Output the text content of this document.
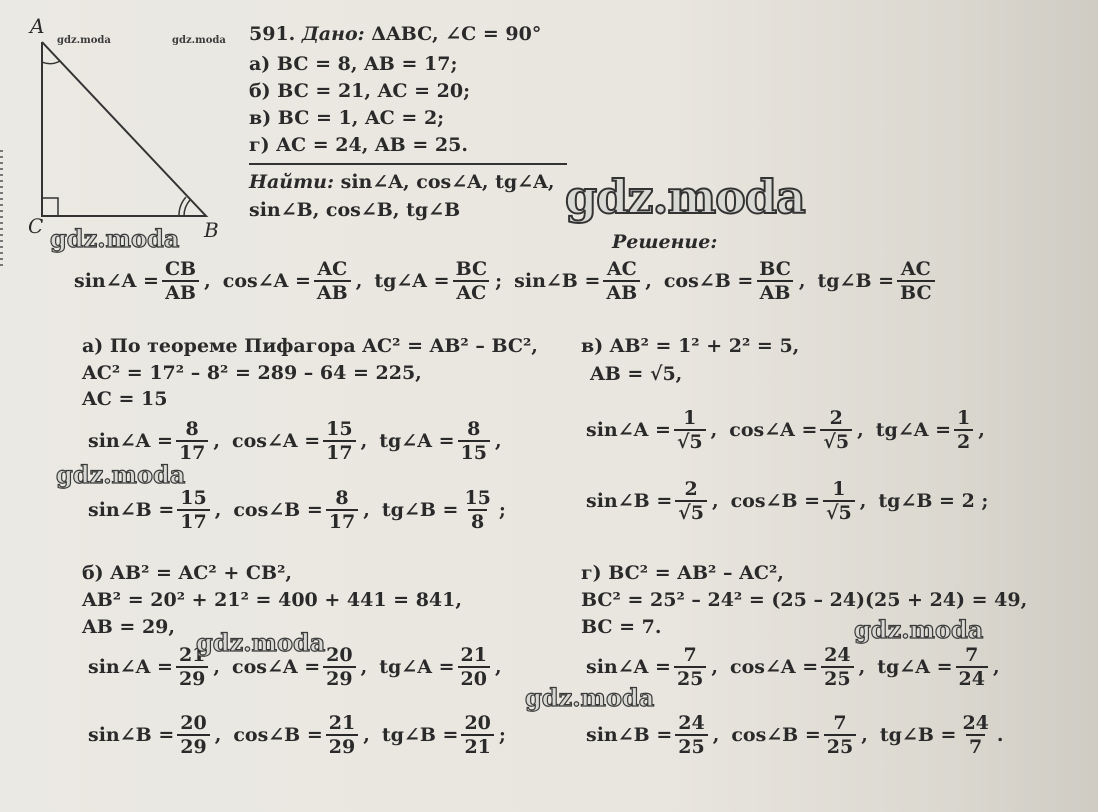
A
C	B
gdz.moda	gdz.moda 591. Дано: ΔABC, ∠C = 90°
а) BC = 8, AB = 17;
б) BC = 21, AC = 20;
в) BC = 1, AC = 2;
г) AC = 24, AB = 25.
Найти: sin∠A, cos∠A, tg∠A,
sin∠B, cos∠B, tg∠B
Решение:
gdz.moda
gdz.moda
sin∠A = $\frac{CB}{AB}$ , cos∠A = $\frac{AC}{AB}$ , tg∠A = $\frac{BC}{AC}$ ; sin∠B = $\frac{AC}{AB}$ , cos∠B = $\frac{BC}{AB}$ , tg∠B = $\frac{AC}{BC}$
а) По теореме Пифагора AC² = AB² – BC²,
AC² = 17² – 8² = 289 – 64 = 225,
AC = 15
sin∠A = $\frac{8}{17}$ , cos∠A = $\frac{15}{17}$ , tg∠A = $\frac{8}{15}$ ,
gdz.moda
sin∠B = $\frac{15}{17}$ , cos∠B = $\frac{8}{17}$ , tg∠B = $\frac{15}{8}$ ;
б) AB² = AC² + CB²,
AB² = 20² + 21² = 400 + 441 = 841,
AB = 29,
sin∠A = $\frac{21}{29}$ , cos∠A = $\frac{20}{29}$ , tg∠A = $\frac{21}{20}$ ,
gdz.moda
sin∠B = $\frac{20}{29}$ , cos∠B = $\frac{21}{29}$ , tg∠B = $\frac{20}{21}$ ;
в) AB² = 1² + 2² = 5,
AB = √5,
sin∠A = $\frac{1}{√5}$ , cos∠A = $\frac{2}{√5}$ , tg∠A = $\frac{1}{2}$ ,
sin∠B = $\frac{2}{√5}$ , cos∠B = $\frac{1}{√5}$ , tg∠B = 2 ;
г) BC² = AB² – AC²,
BC² = 25² – 24² = (25 – 24)(25 + 24) = 49,
BC = 7.	gdz.moda
sin∠A = $\frac{7}{25}$ , cos∠A = $\frac{24}{25}$ , tg∠A = $\frac{7}{24}$ ,
gdz.moda
sin∠B = $\frac{24}{25}$ , cos∠B = $\frac{7}{25}$ , tg∠B = $\frac{24}{7}$ .
